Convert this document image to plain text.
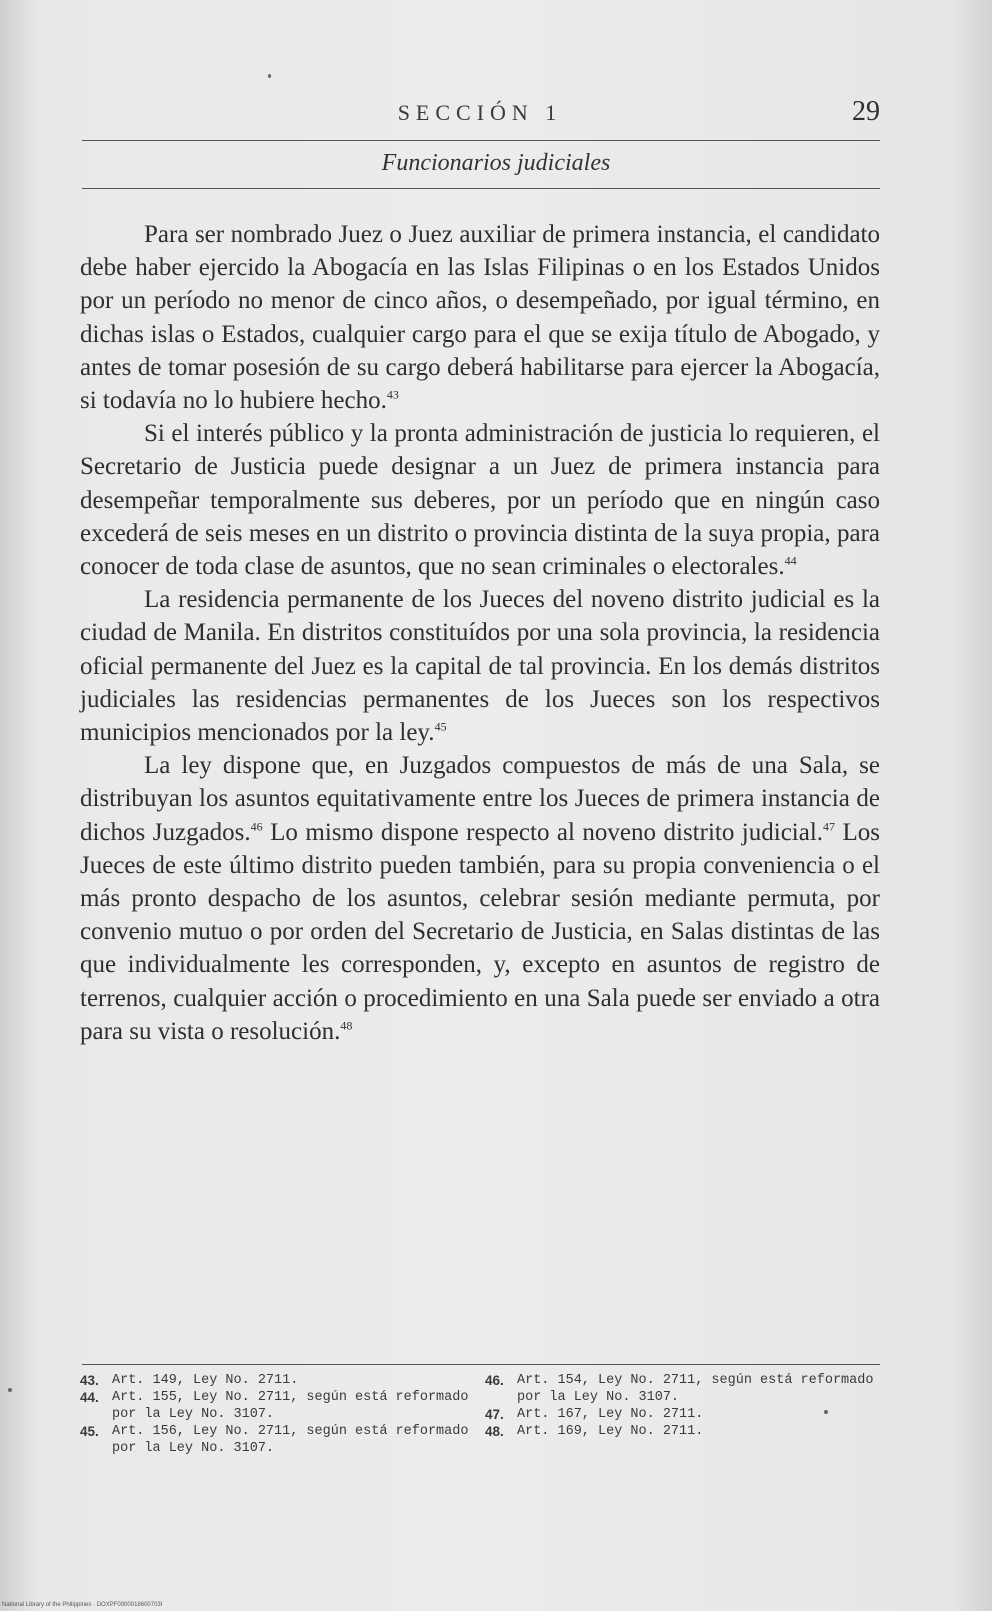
SECCIÓN 1	29
Funcionarios judiciales

Para ser nombrado Juez o Juez auxiliar de primera instancia, el candidato debe haber ejercido la Abogacía en las Islas Filipinas o en los Estados Unidos por un período no menor de cinco años, o desempeñado, por igual término, en dichas islas o Estados, cualquier cargo para el que se exija título de Abogado, y antes de tomar posesión de su cargo deberá habilitarse para ejercer la Abogacía, si todavía no lo hubiere hecho.$^{43}$

Si el interés público y la pronta administración de justicia lo requieren, el Secretario de Justicia puede designar a un Juez de primera instancia para desempeñar temporalmente sus deberes, por un período que en ningún caso excederá de seis meses en un distrito o provincia distinta de la suya propia, para conocer de toda clase de asuntos, que no sean criminales o electorales.$^{44}$

La residencia permanente de los Jueces del noveno distrito judicial es la ciudad de Manila. En distritos constituídos por una sola provincia, la residencia oficial permanente del Juez es la capital de tal provincia. En los demás distritos judiciales las residencias permanentes de los Jueces son los respectivos municipios mencionados por la ley.$^{45}$

La ley dispone que, en Juzgados compuestos de más de una Sala, se distribuyan los asuntos equitativamente entre los Jueces de primera instancia de dichos Juzgados.$^{46}$ Lo mismo dispone respecto al noveno distrito judicial.$^{47}$ Los Jueces de este último distrito pueden también, para su propia conveniencia o el más pronto despacho de los asuntos, celebrar sesión mediante permuta, por convenio mutuo o por orden del Secretario de Justicia, en Salas distintas de las que individualmente les corresponden, y, excepto en asuntos de registro de terrenos, cualquier acción o procedimiento en una Sala puede ser enviado a otra para su vista o resolución.$^{48}$

43. Art. 149, Ley No. 2711.
44. Art. 155, Ley No. 2711, según está reformado por la Ley No. 3107.
45. Art. 156, Ley No. 2711, según está reformado por la Ley No. 3107.
46. Art. 154, Ley No. 2711, según está reformado por la Ley No. 3107.
47. Art. 167, Ley No. 2711.
48. Art. 169, Ley No. 2711.
National Library of the Philippines · DOXPF0000018600703I
